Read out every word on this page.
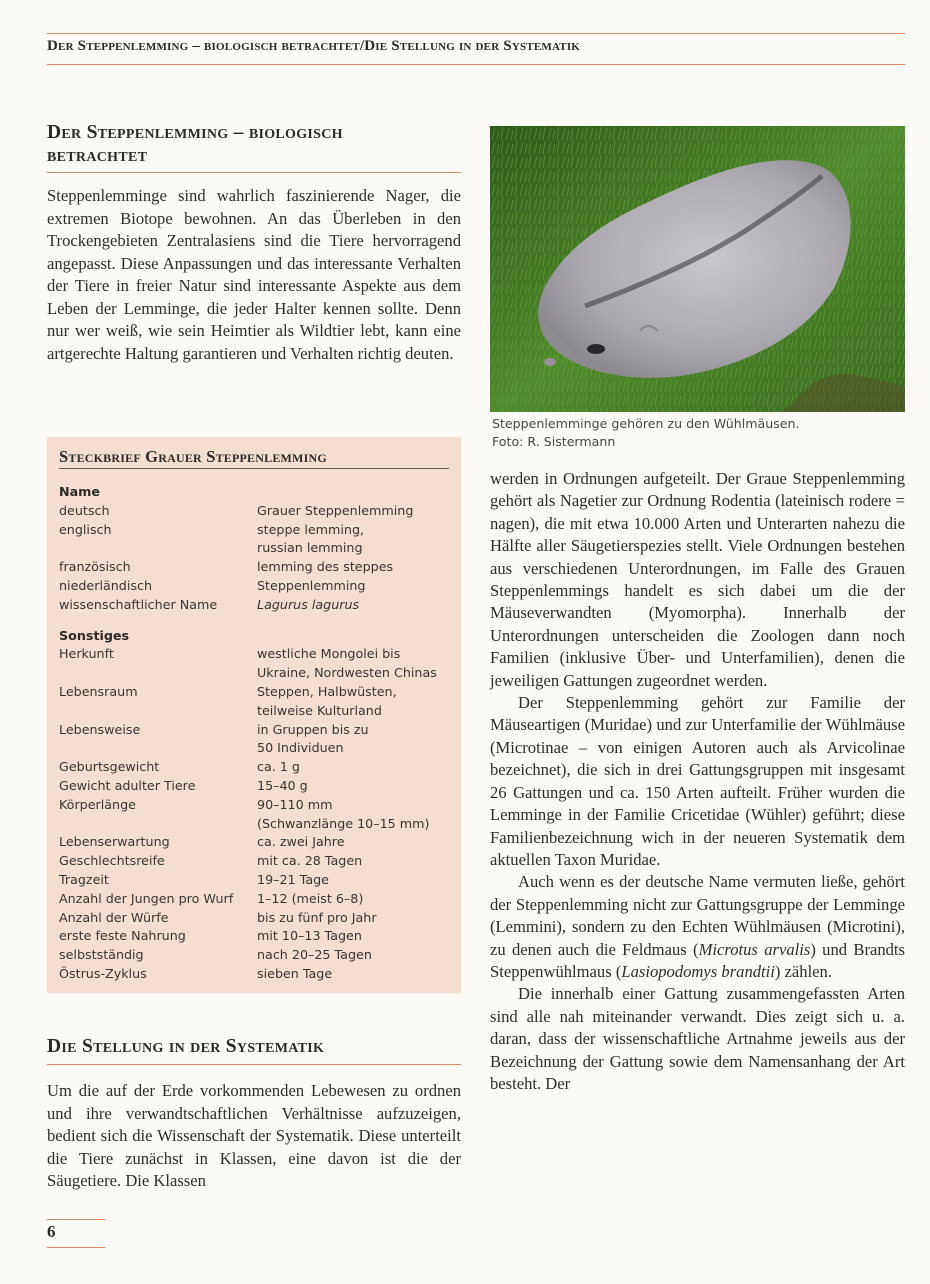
Der Steppenlemming – biologisch betrachtet/Die Stellung in der Systematik
Der Steppenlemming – biologisch
betrachtet

Steppenlemminge sind wahrlich faszinierende Nager, die extremen Biotope bewohnen. An das Überleben in den Trockengebieten Zentralasiens sind die Tiere hervorragend angepasst. Diese Anpassungen und das interessante Verhalten der Tiere in freier Natur sind interessante Aspekte aus dem Leben der Lemminge, die jeder Halter kennen sollte. Denn nur wer weiß, wie sein Heimtier als Wildtier lebt, kann eine artgerechte Haltung garantieren und Verhalten richtig deuten.

Steppenlemminge gehören zu den Wühlmäusen.
Foto: R. Sistermann
Steckbrief Grauer Steppenlemming
Name
deutsch	Grauer Steppenlemming
englisch	steppe lemming,
russian lemming
französisch	lemming des steppes
niederländisch	Steppenlemming
wissenschaftlicher Name	Lagurus lagurus
Sonstiges
Herkunft	westliche Mongolei bis
Ukraine, Nordwesten Chinas
Lebensraum	Steppen, Halbwüsten,
teilweise Kulturland
Lebensweise	in Gruppen bis zu
50 Individuen
Geburtsgewicht	ca. 1 g
Gewicht adulter Tiere	15–40 g
Körperlänge	90–110 mm
(Schwanzlänge 10–15 mm)
Lebenserwartung	ca. zwei Jahre
Geschlechtsreife	mit ca. 28 Tagen
Tragzeit	19–21 Tage
Anzahl der Jungen pro Wurf	1–12 (meist 6–8)
Anzahl der Würfe	bis zu fünf pro Jahr
erste feste Nahrung	mit 10–13 Tagen
selbstständig	nach 20–25 Tagen
Östrus-Zyklus	sieben Tage
Die Stellung in der Systematik

Um die auf der Erde vorkommenden Lebewesen zu ordnen und ihre verwandtschaftlichen Verhältnisse aufzuzeigen, bedient sich die Wissenschaft der Systematik. Diese unterteilt die Tiere zunächst in Klassen, eine davon ist die der Säugetiere. Die Klassen

werden in Ordnungen aufgeteilt. Der Graue Steppenlemming gehört als Nagetier zur Ordnung Rodentia (lateinisch rodere = nagen), die mit etwa 10.000 Arten und Unterarten nahezu die Hälfte aller Säugetierspezies stellt. Viele Ordnungen bestehen aus verschiedenen Unterordnungen, im Falle des Grauen Steppenlemmings handelt es sich dabei um die der Mäuseverwandten (Myomorpha). Innerhalb der Unterordnungen unterscheiden die Zoologen dann noch Familien (inklusive Über- und Unterfamilien), denen die jeweiligen Gattungen zugeordnet werden.

Der Steppenlemming gehört zur Familie der Mäuseartigen (Muridae) und zur Unterfamilie der Wühlmäuse (Microtinae – von einigen Autoren auch als Arvicolinae bezeichnet), die sich in drei Gattungsgruppen mit insgesamt 26 Gattungen und ca. 150 Arten aufteilt. Früher wurden die Lemminge in der Familie Cricetidae (Wühler) geführt; diese Familienbezeichnung wich in der neueren Systematik dem aktuellen Taxon Muridae.

Auch wenn es der deutsche Name vermuten ließe, gehört der Steppenlemming nicht zur Gattungsgruppe der Lemminge (Lemmini), sondern zu den Echten Wühlmäusen (Microtini), zu denen auch die Feldmaus (Microtus arvalis) und Brandts Steppenwühlmaus (Lasiopodomys brandtii) zählen.

Die innerhalb einer Gattung zusammengefassten Arten sind alle nah miteinander verwandt. Dies zeigt sich u. a. daran, dass der wissenschaftliche Artnahme jeweils aus der Bezeichnung der Gattung sowie dem Namensanhang der Art besteht. Der

6
